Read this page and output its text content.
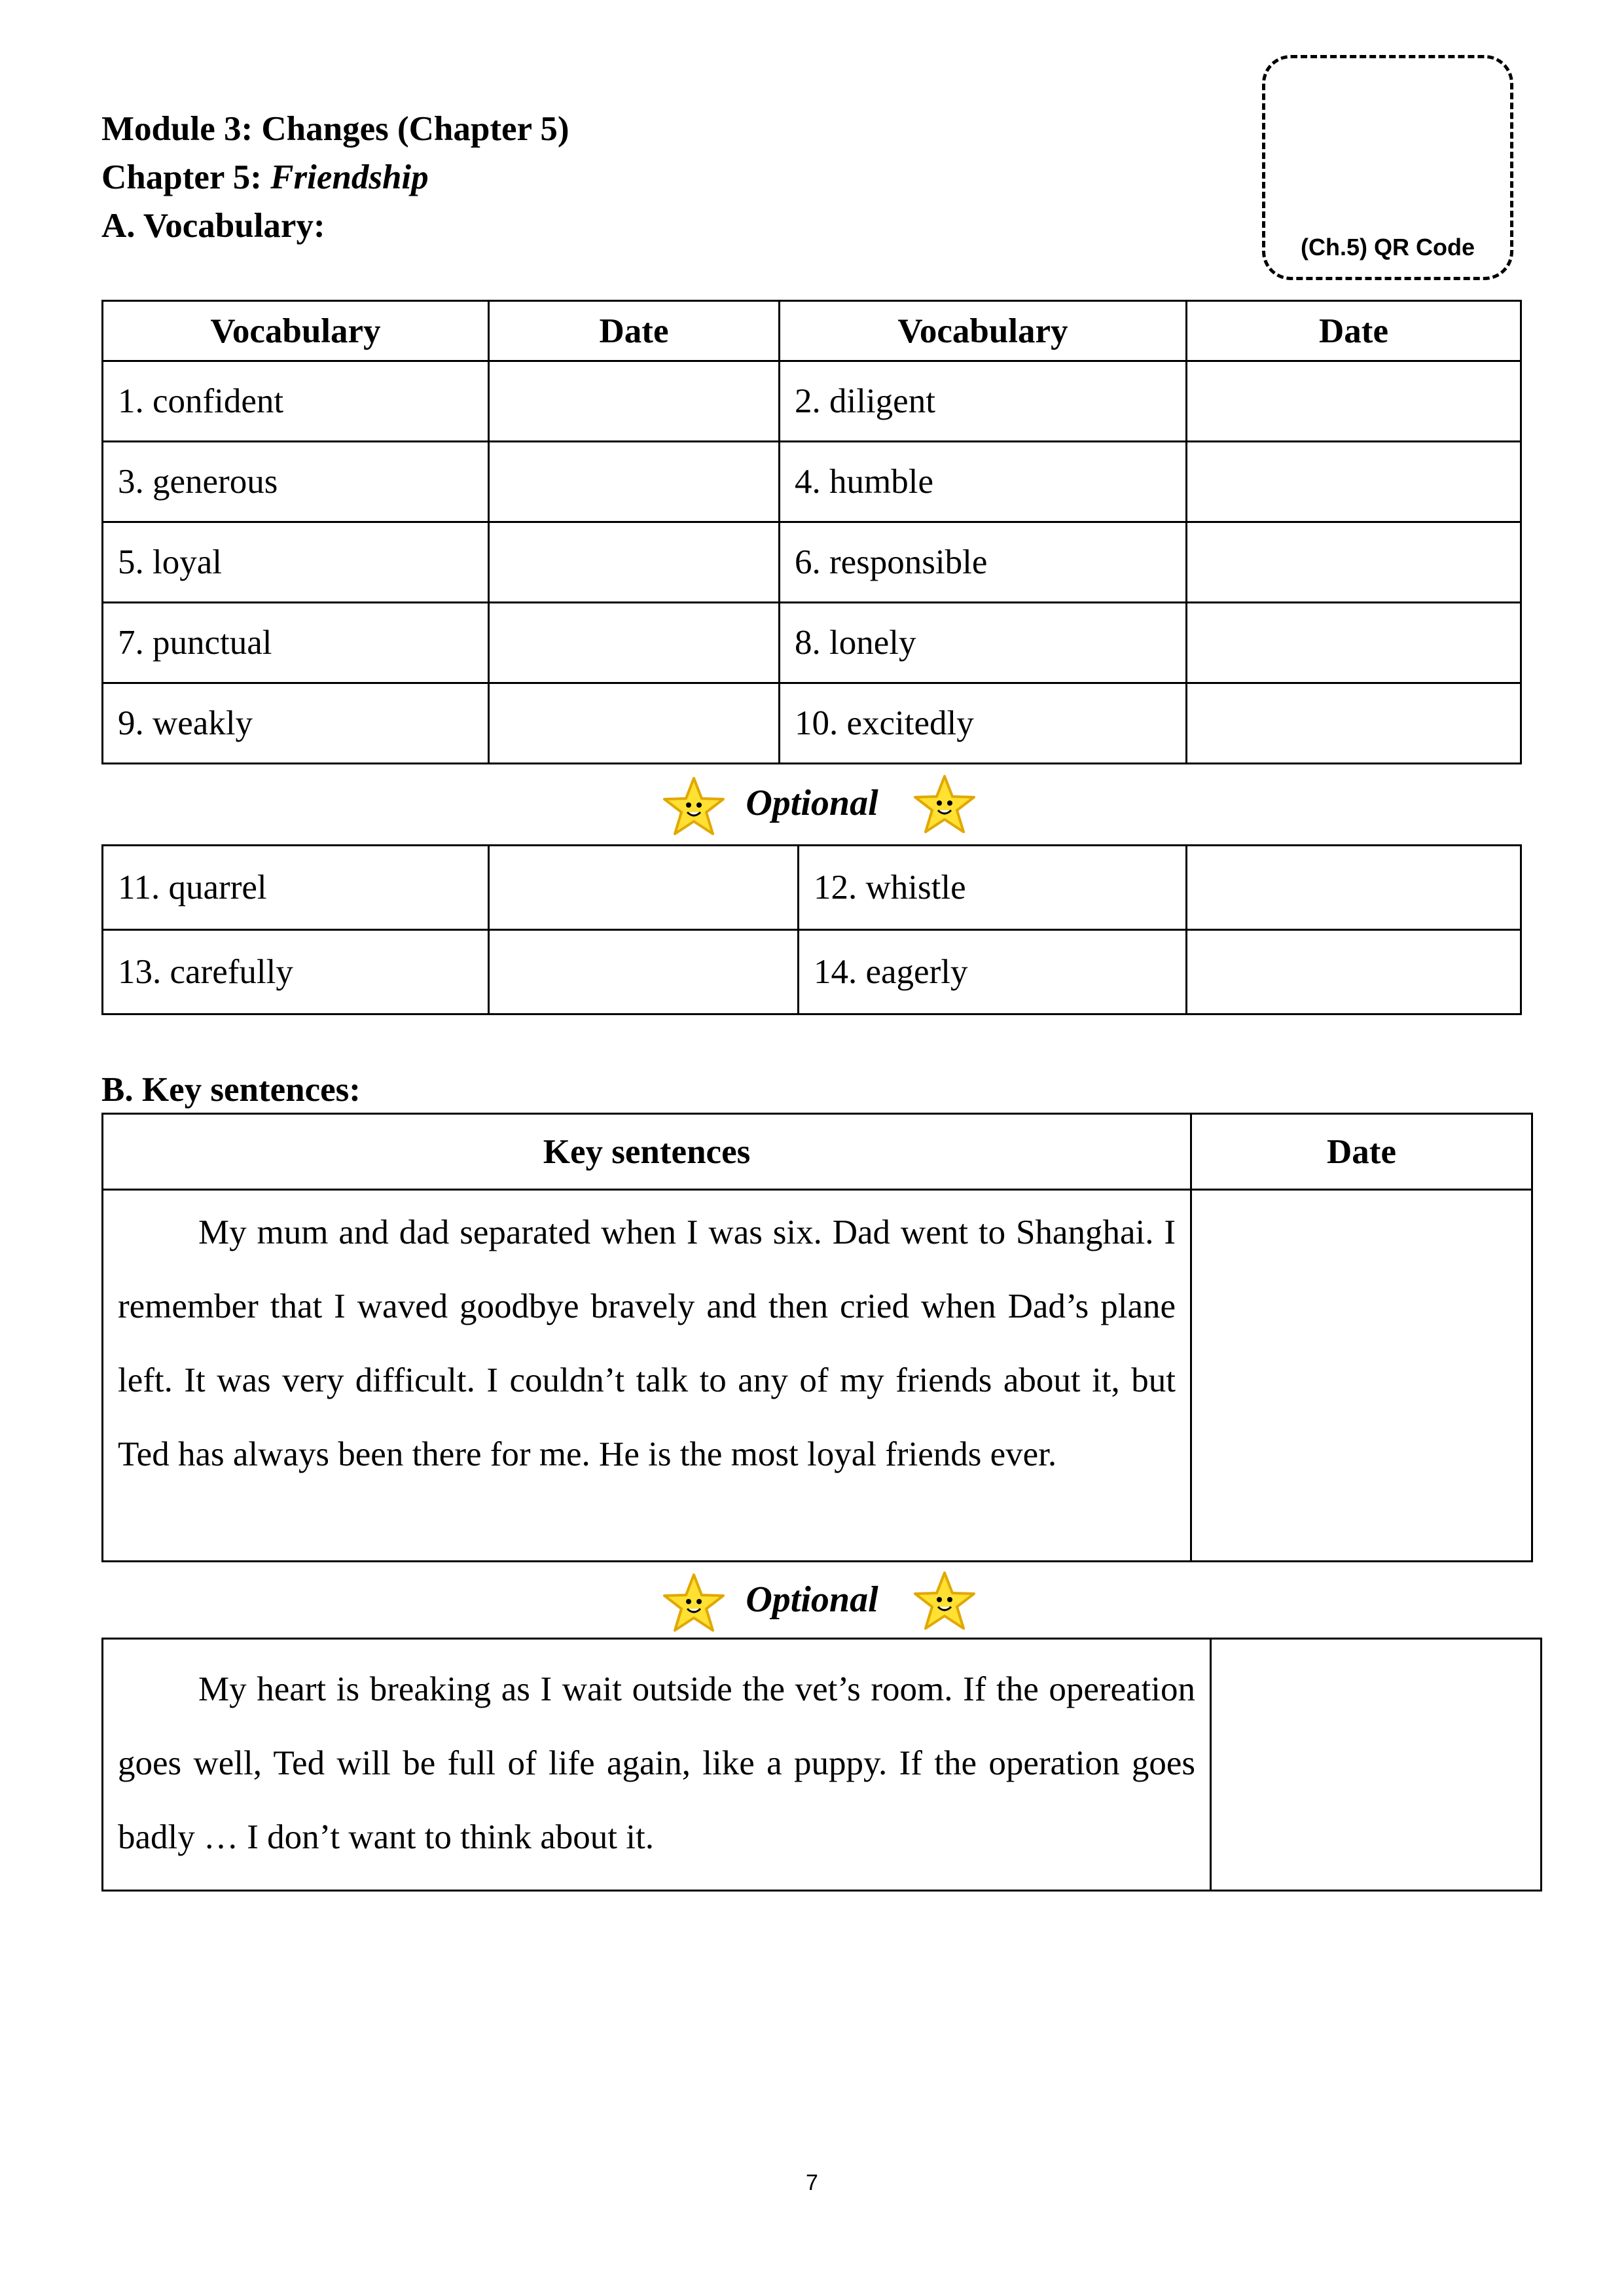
Module 3: Changes (Chapter 5)
Chapter 5: Friendship
A. Vocabulary:
(Ch.5) QR Code
Vocabulary	Date	Vocabulary	Date
1. confident		2. diligent	
3. generous		4. humble	
5. loyal		6. responsible	
7. punctual		8. lonely	
9. weakly		10. excitedly	
Optional
11. quarrel		12. whistle	
13. carefully		14. eagerly	
B. Key sentences:
Key sentences	Date

My mum and dad separated when I was six. Dad went to Shanghai. I remember that I waved goodbye bravely and then cried when Dad’s plane left. It was very difficult. I couldn’t talk to any of my friends about it, but Ted has always been there for me. He is the most loyal friends ever.	

Optional
My heart is breaking as I wait outside the vet’s room. If the opereation goes well, Ted will be full of life again, like a puppy. If the operation goes badly … I don’t want to think about it.

7
